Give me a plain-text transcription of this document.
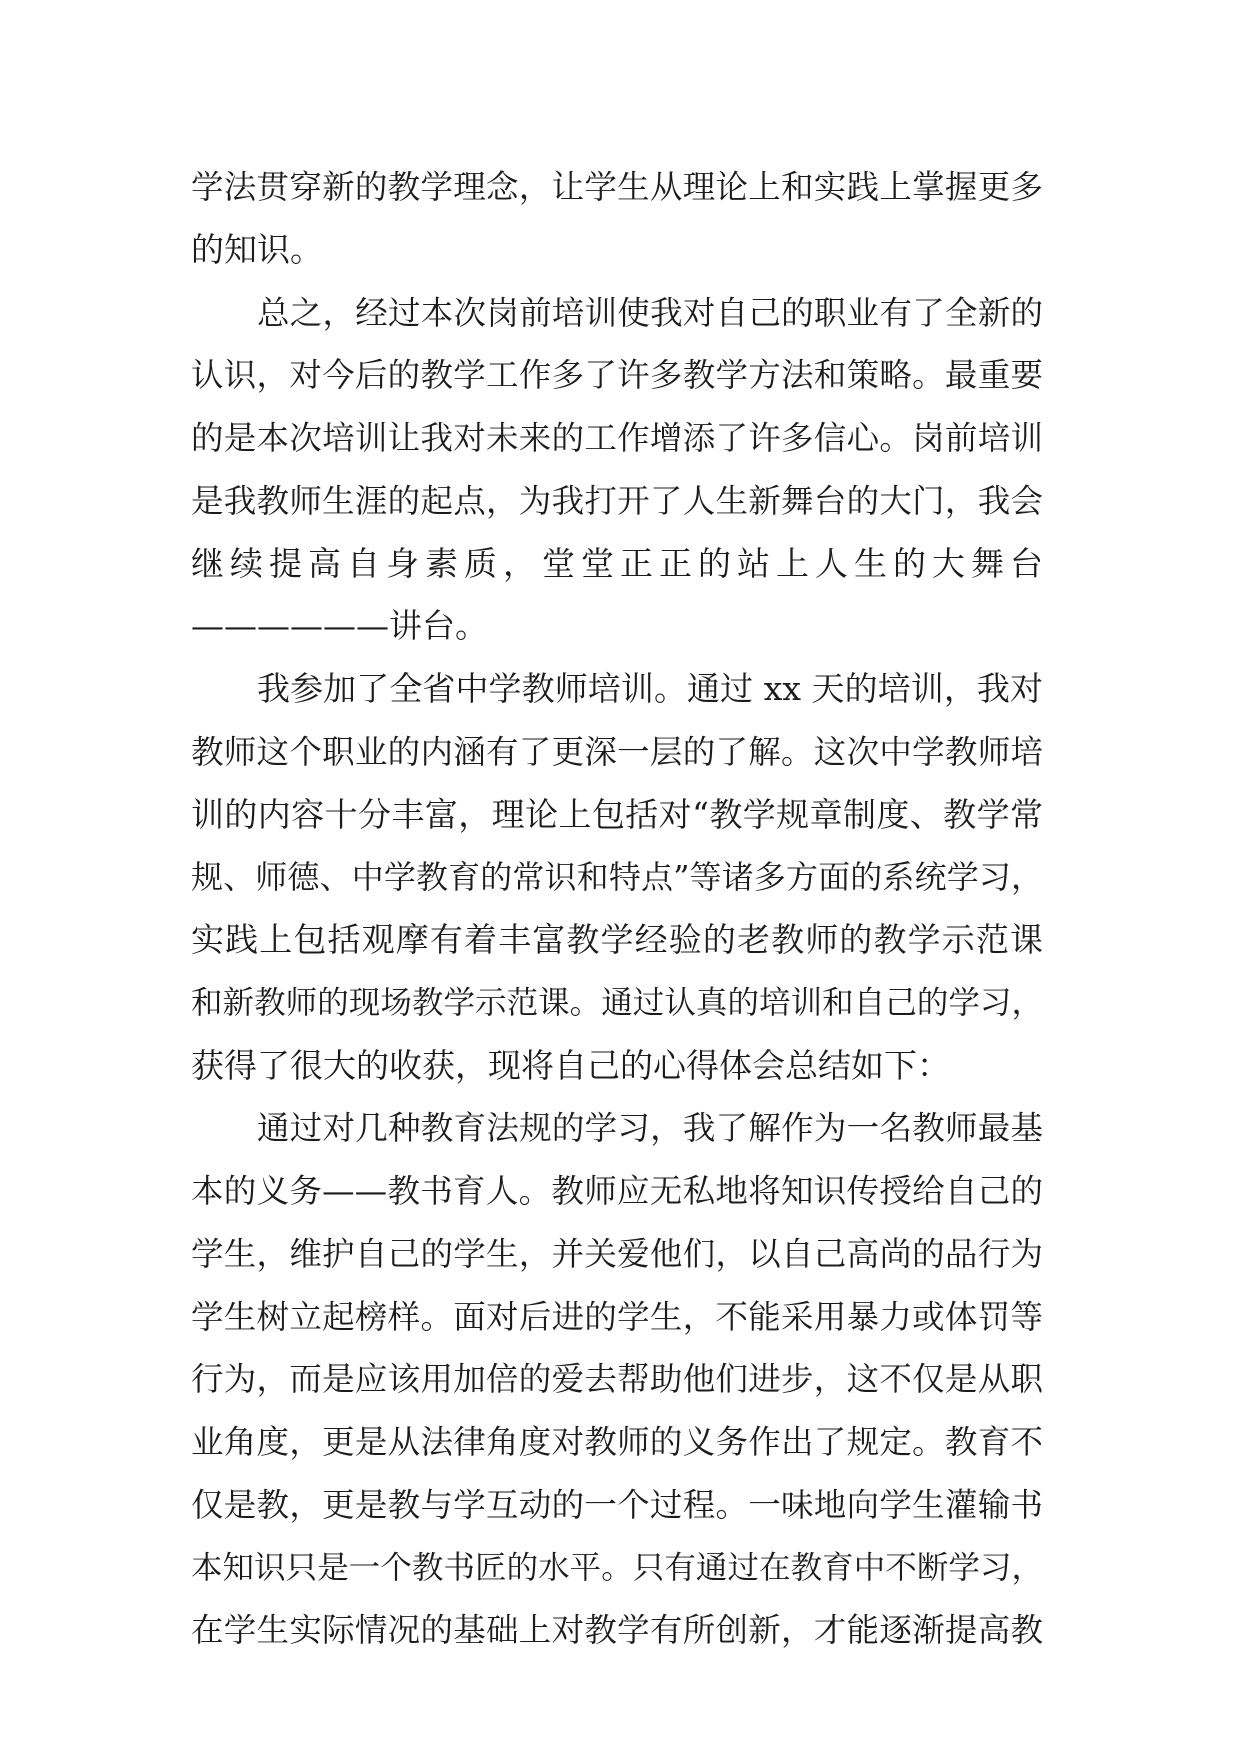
学法贯穿新的教学理念，让学生从理论上和实践上掌握更多
的知识。
总之，经过本次岗前培训使我对自己的职业有了全新的
认识，对今后的教学工作多了许多教学方法和策略。最重要
的是本次培训让我对未来的工作增添了许多信心。岗前培训
是我教师生涯的起点，为我打开了人生新舞台的大门，我会
继续提高自身素质，堂堂正正的站上人生的大舞台
——————讲台。
我参加了全省中学教师培训。通过 xx 天的培训，我对
教师这个职业的内涵有了更深一层的了解。这次中学教师培
训的内容十分丰富，理论上包括对“教学规章制度、教学常
规、师德、中学教育的常识和特点”等诸多方面的系统学习，
实践上包括观摩有着丰富教学经验的老教师的教学示范课
和新教师的现场教学示范课。通过认真的培训和自己的学习，
获得了很大的收获，现将自己的心得体会总结如下：
通过对几种教育法规的学习，我了解作为一名教师最基
本的义务——教书育人。教师应无私地将知识传授给自己的
学生，维护自己的学生，并关爱他们，以自己高尚的品行为
学生树立起榜样。面对后进的学生，不能采用暴力或体罚等
行为，而是应该用加倍的爱去帮助他们进步，这不仅是从职
业角度，更是从法律角度对教师的义务作出了规定。教育不
仅是教，更是教与学互动的一个过程。一味地向学生灌输书
本知识只是一个教书匠的水平。只有通过在教育中不断学习，
在学生实际情况的基础上对教学有所创新，才能逐渐提高教
